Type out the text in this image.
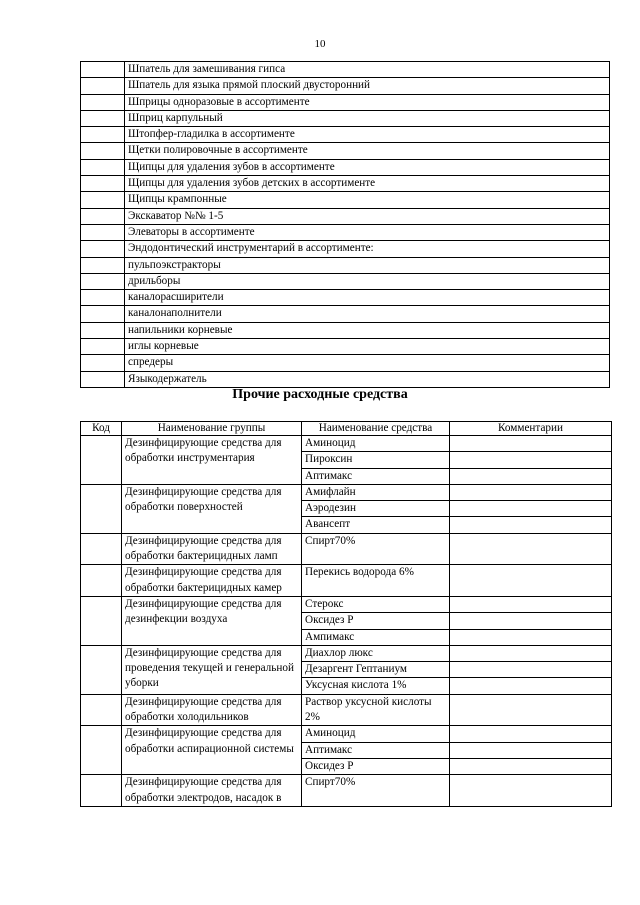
10
	Шпатель для замешивания гипса
	Шпатель для языка прямой плоский двусторонний
	Шприцы одноразовые в ассортименте
	Шприц карпульный
	Штопфер-гладилка в ассортименте
	Щетки полировочные в ассортименте
	Щипцы для удаления зубов в ассортименте
	Щипцы для удаления зубов детских в ассортименте
	Щипцы крампонные
	Экскаватор №№ 1-5
	Элеваторы в ассортименте
	Эндодонтический инструментарий в ассортименте:
	пульпоэкстракторы
	дрильборы
	каналорасширители
	каналонаполнители
	напильники корневые
	иглы корневые
	спредеры
	Языкодержатель
Прочие расходные средства
Код	Наименование группы	Наименование средства	Комментарии
	Дезинфицирующие средства для обработки инструментария	Аминоцид	
		Пироксин	
		Аптимакс	
	Дезинфицирующие средства для обработки поверхностей	Амифлайн	
		Аэродезин	
		Авансепт	
	Дезинфицирующие средства для обработки бактерицидных ламп	Спирт70%	
	Дезинфицирующие средства для обработки бактерицидных камер	Перекись водорода 6%	
	Дезинфицирующие средства для дезинфекции воздуха	Стерокс	
		Оксидез Р	
		Ампимакс	
	Дезинфицирующие средства для проведения текущей и генеральной уборки	Диахлор люкс	
		Дезаргент Гептаниум	
		Уксусная кислота 1%	
	Дезинфицирующие средства для обработки холодильников	Раствор уксусной кислоты 2%	
	Дезинфицирующие средства для обработки аспирационной системы	Аминоцид	
		Аптимакс	
		Оксидез Р	
	Дезинфицирующие средства для обработки электродов, насадок в	Спирт70%	
